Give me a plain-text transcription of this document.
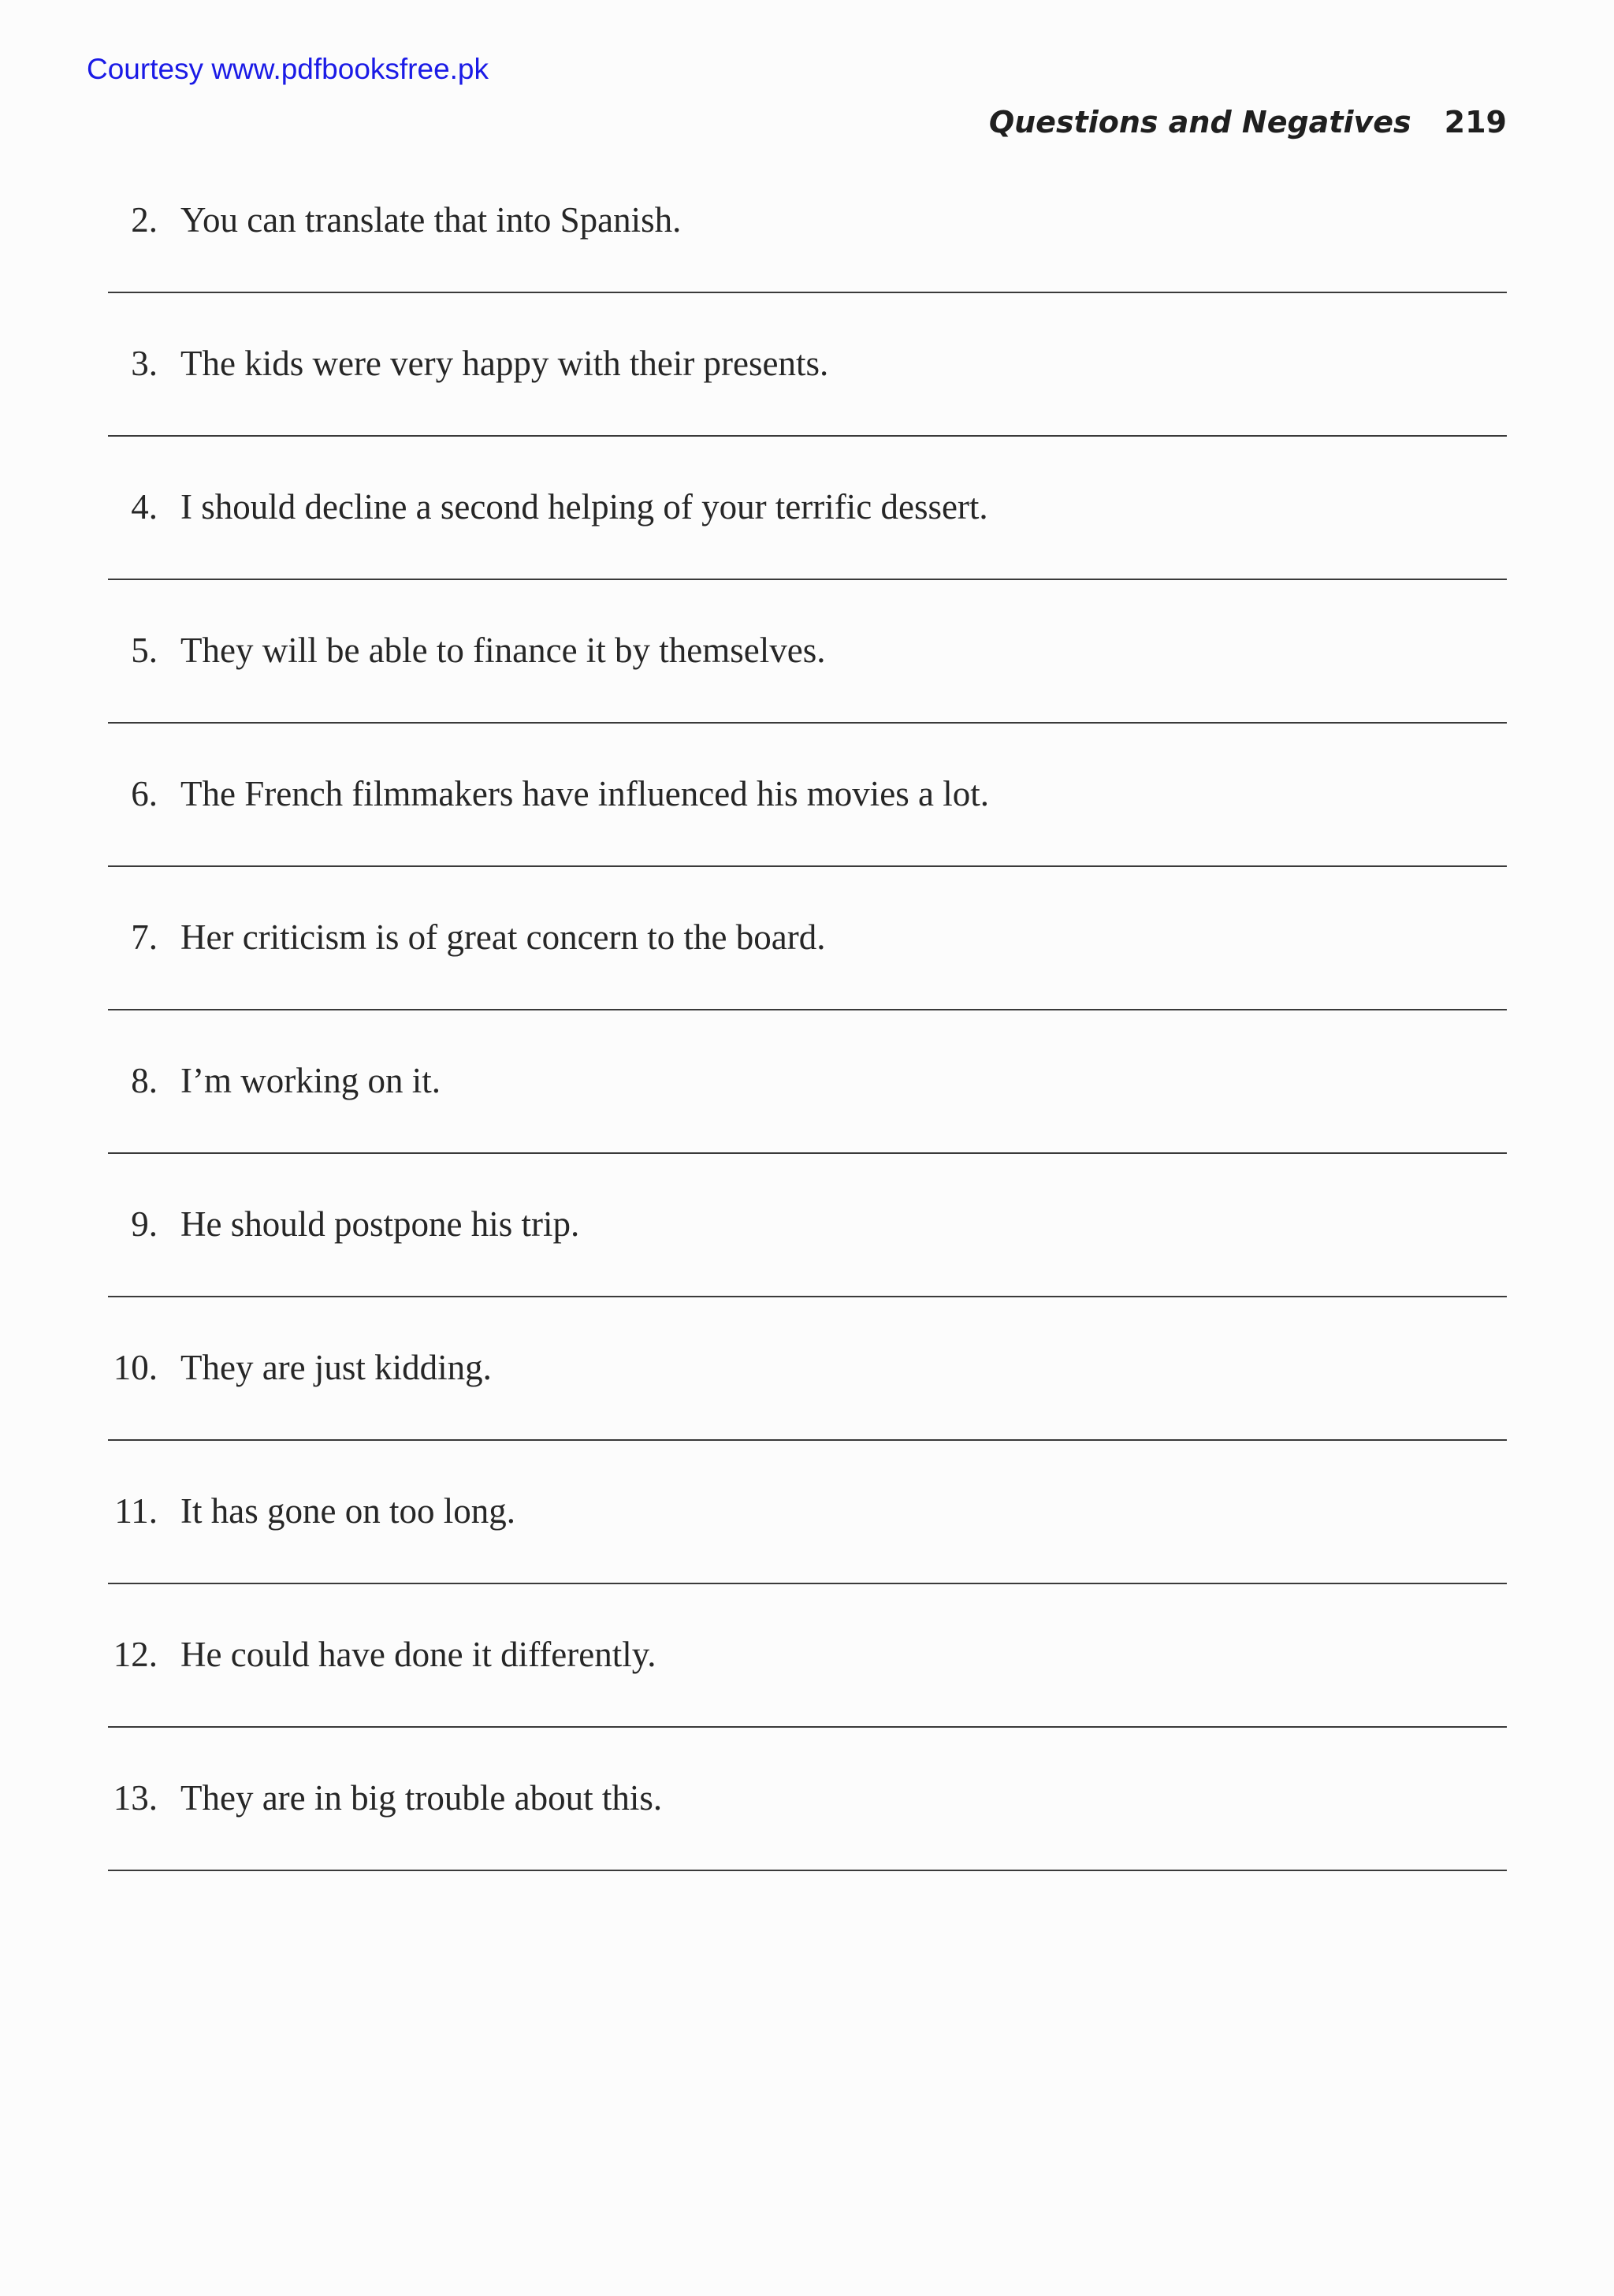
Courtesy www.pdfbooksfree.pk
Questions and Negatives 219
2. You can translate that into Spanish.
3. The kids were very happy with their presents.
4. I should decline a second helping of your terrific dessert.
5. They will be able to finance it by themselves.
6. The French filmmakers have influenced his movies a lot.
7. Her criticism is of great concern to the board.
8. I’m working on it.
9. He should postpone his trip.
10. They are just kidding.
11. It has gone on too long.
12. He could have done it differently.
13. They are in big trouble about this.
